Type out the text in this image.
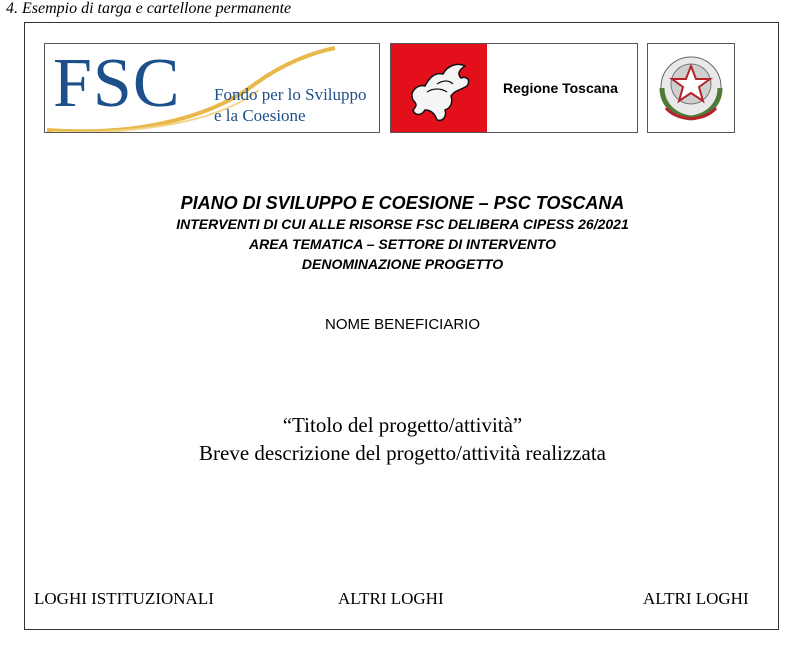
4. Esempio di targa e cartellone permanente
FSC Fondo per lo Sviluppo
e la Coesione
Regione Toscana
PIANO DI SVILUPPO E COESIONE – PSC TOSCANA
INTERVENTI DI CUI ALLE RISORSE FSC DELIBERA CIPESS 26/2021
AREA TEMATICA – SETTORE DI INTERVENTO
DENOMINAZIONE PROGETTO
NOME BENEFICIARIO
“Titolo del progetto/attività”
Breve descrizione del progetto/attività realizzata
LOGHI ISTITUZIONALI	ALTRI LOGHI	ALTRI LOGHI
